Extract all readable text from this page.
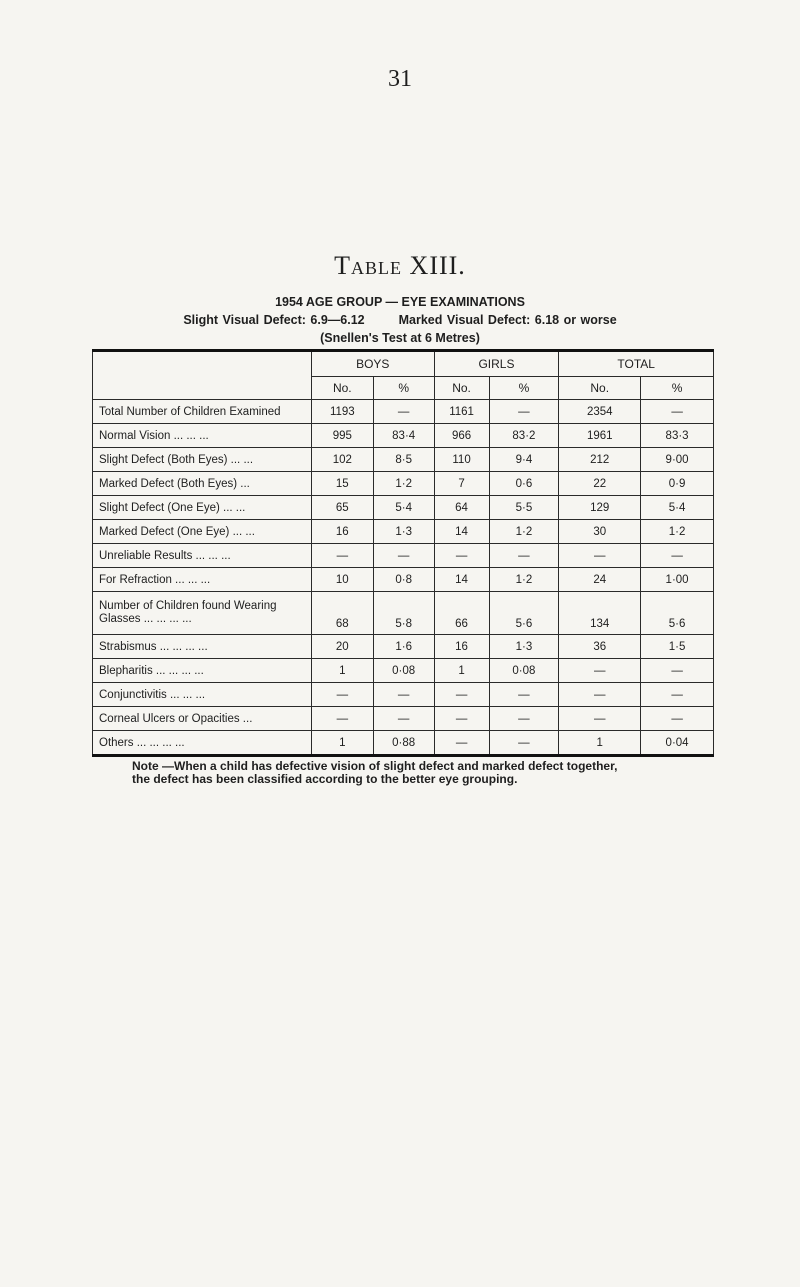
31
Table XIII.
1954 AGE GROUP — EYE EXAMINATIONS
Slight Visual Defect: 6.9—6.12	Marked Visual Defect: 6.18 or worse
(Snellen's Test at 6 Metres)
	BOYS		GIRLS		TOTAL	
	No.	%	No.	%	No.	%
Total Number of Children Examined	1193	—	1161	—	2354	—
Normal Vision ... ... ...	995	83·4	966	83·2	1961	83·3
Slight Defect (Both Eyes) ... ...	102	8·5	110	9·4	212	9·00
Marked Defect (Both Eyes) ...	15	1·2	7	0·6	22	0·9
Slight Defect (One Eye) ... ...	65	5·4	64	5·5	129	5·4
Marked Defect (One Eye) ... ...	16	1·3	14	1·2	30	1·2
Unreliable Results ... ... ...	—	—	—	—	—	—
For Refraction ... ... ...	10	0·8	14	1·2	24	1·00
Number of Children found Wearing Glasses ... ... ... ...	68	5·8	66	5·6	134	5·6
Strabismus ... ... ... ...	20	1·6	16	1·3	36	1·5
Blepharitis ... ... ... ...	1	0·08	1	0·08	—	—
Conjunctivitis ... ... ...	—	—	—	—	—	—
Corneal Ulcers or Opacities ...	—	—	—	—	—	—
Others ... ... ... ...	1	0·88	—	—	1	0·04
Note —When a child has defective vision of slight defect and marked defect together,
the defect has been classified according to the better eye grouping.
